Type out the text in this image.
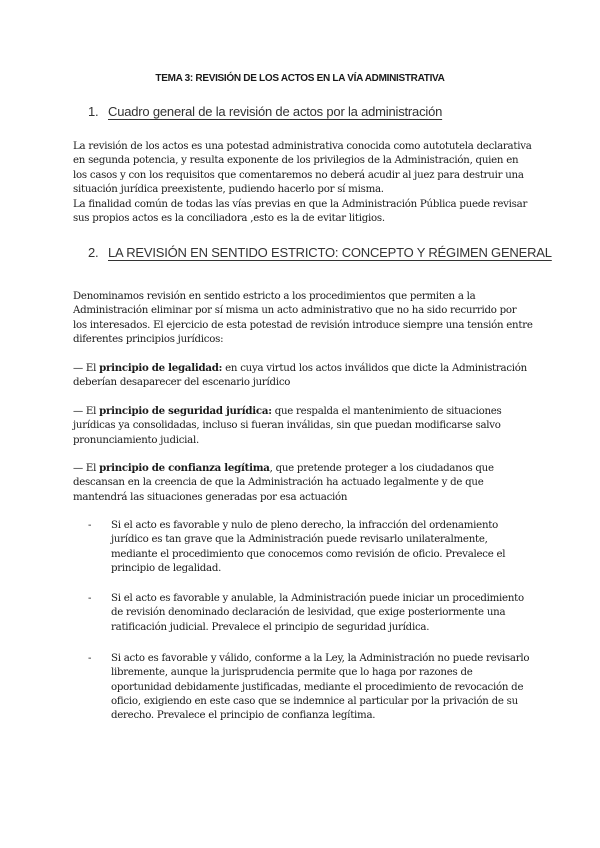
TEMA 3: REVISIÓN DE LOS ACTOS EN LA VÍA ADMINISTRATIVA
1. Cuadro general de la revisión de actos por la administración
La revisión de los actos es una potestad administrativa conocida como autotutela declarativa en segunda potencia, y resulta exponente de los privilegios de la Administración, quien en los casos y con los requisitos que comentaremos no deberá acudir al juez para destruir una situación jurídica preexistente, pudiendo hacerlo por sí misma.
La finalidad común de todas las vías previas en que la Administración Pública puede revisar sus propios actos es la conciliadora ,esto es la de evitar litigios.
2. LA REVISIÓN EN SENTIDO ESTRICTO: CONCEPTO Y RÉGIMEN GENERAL
Denominamos revisión en sentido estricto a los procedimientos que permiten a la Administración eliminar por sí misma un acto administrativo que no ha sido recurrido por los interesados. El ejercicio de esta potestad de revisión introduce siempre una tensión entre diferentes principios jurídicos:
— El principio de legalidad: en cuya virtud los actos inválidos que dicte la Administración deberían desaparecer del escenario jurídico
— El principio de seguridad jurídica: que respalda el mantenimiento de situaciones jurídicas ya consolidadas, incluso si fueran inválidas, sin que puedan modificarse salvo pronunciamiento judicial.
— El principio de confianza legítima, que pretende proteger a los ciudadanos que descansan en la creencia de que la Administración ha actuado legalmente y de que mantendrá las situaciones generadas por esa actuación
- Si el acto es favorable y nulo de pleno derecho, la infracción del ordenamiento jurídico es tan grave que la Administración puede revisarlo unilateralmente, mediante el procedimiento que conocemos como revisión de oficio. Prevalece el principio de legalidad.
- Si el acto es favorable y anulable, la Administración puede iniciar un procedimiento de revisión denominado declaración de lesividad, que exige posteriormente una ratificación judicial. Prevalece el principio de seguridad jurídica.
- Si acto es favorable y válido, conforme a la Ley, la Administración no puede revisarlo libremente, aunque la jurisprudencia permite que lo haga por razones de oportunidad debidamente justificadas, mediante el procedimiento de revocación de oficio, exigiendo en este caso que se indemnice al particular por la privación de su derecho. Prevalece el principio de confianza legítima.
